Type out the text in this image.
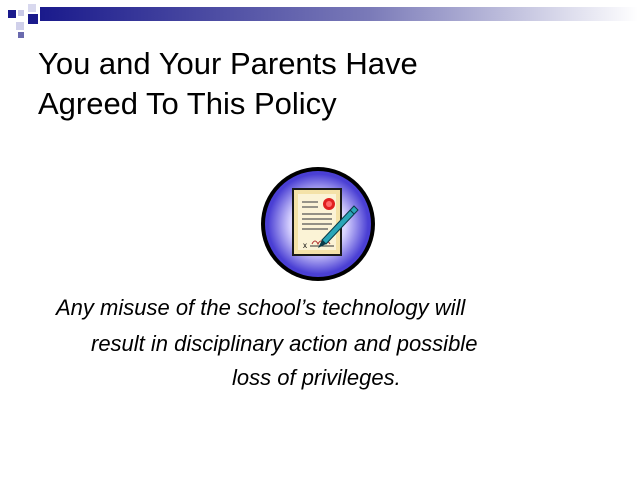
You and Your Parents Have
Agreed To This Policy
x
Any misuse of the school’s technology will
result in disciplinary action and possible
loss of privileges.
